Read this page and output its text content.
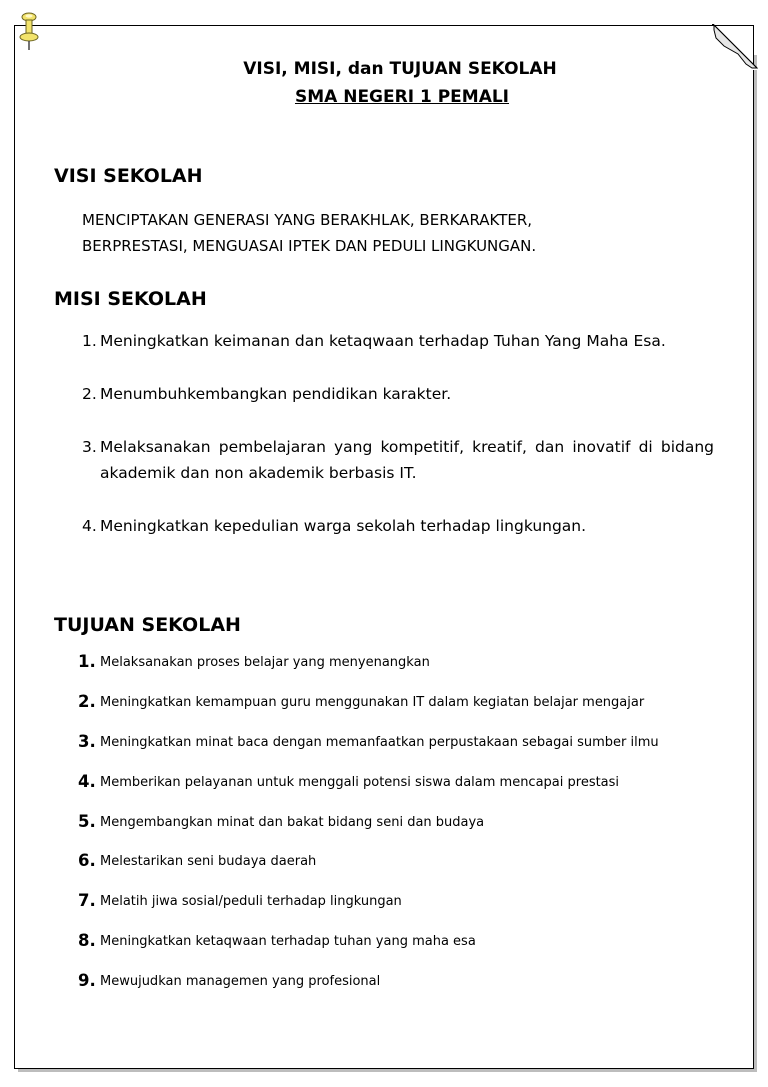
VISI, MISI, dan TUJUAN SEKOLAH
SMA NEGERI 1 PEMALI
VISI SEKOLAH
MENCIPTAKAN GENERASI YANG BERAKHLAK, BERKARAKTER,
BERPRESTASI, MENGUASAI IPTEK DAN PEDULI LINGKUNGAN.
MISI SEKOLAH
1. Meningkatkan keimanan dan ketaqwaan terhadap Tuhan Yang Maha Esa.
2. Menumbuhkembangkan pendidikan karakter.
3. Melaksanakan pembelajaran yang kompetitif, kreatif, dan inovatif di bidang akademik dan non akademik berbasis IT.
4. Meningkatkan kepedulian warga sekolah terhadap lingkungan.
TUJUAN SEKOLAH
1. Melaksanakan proses belajar yang menyenangkan
2. Meningkatkan kemampuan guru menggunakan IT dalam kegiatan belajar mengajar
3. Meningkatkan minat baca dengan memanfaatkan perpustakaan sebagai sumber ilmu
4. Memberikan pelayanan untuk menggali potensi siswa dalam mencapai prestasi
5. Mengembangkan minat dan bakat bidang seni dan budaya
6. Melestarikan seni budaya daerah
7. Melatih jiwa sosial/peduli terhadap lingkungan
8. Meningkatkan ketaqwaan terhadap tuhan yang maha esa
9. Mewujudkan managemen yang profesional
